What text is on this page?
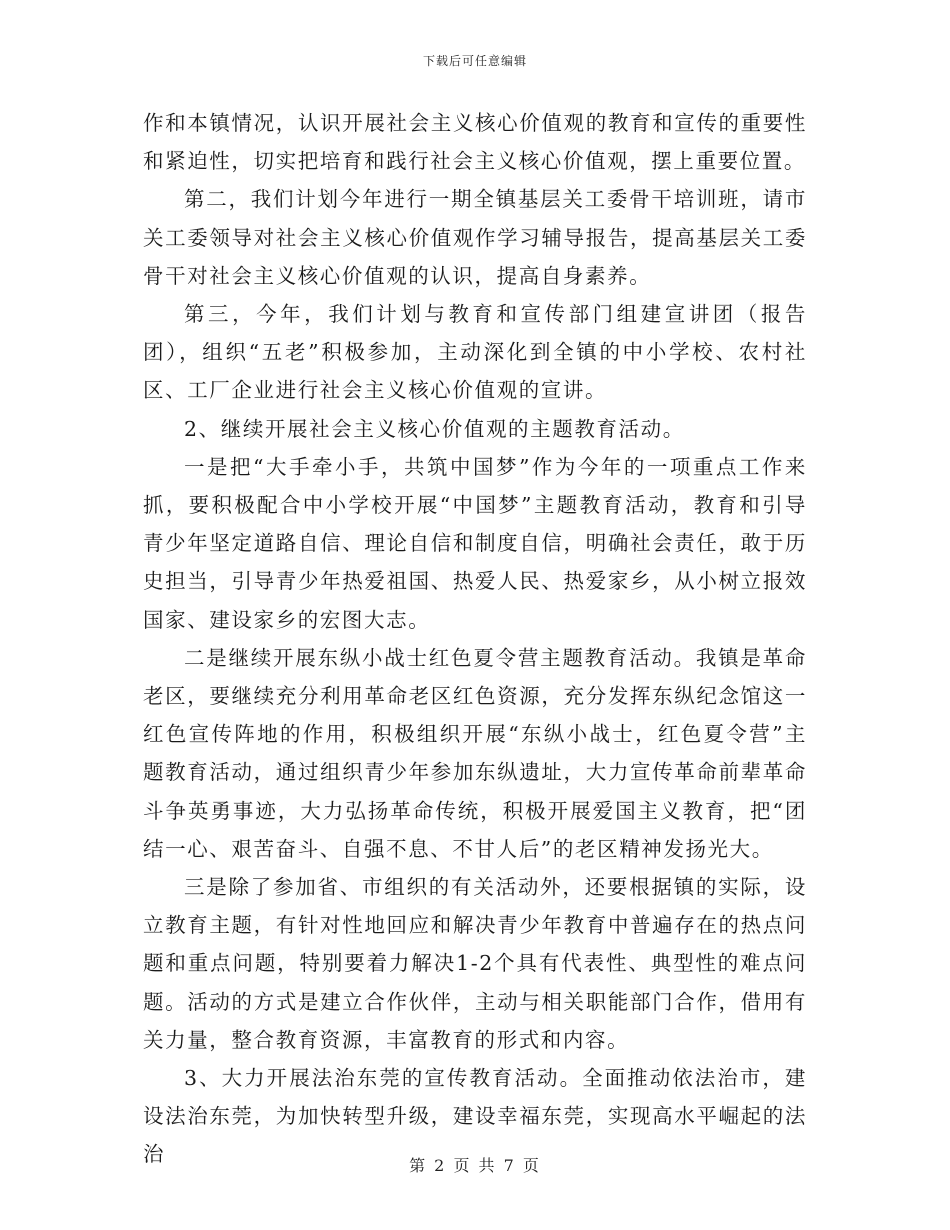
下载后可任意编辑

作和本镇情况，认识开展社会主义核心价值观的教育和宣传的重要性和紧迫性，切实把培育和践行社会主义核心价值观，摆上重要位置。

第二，我们计划今年进行一期全镇基层关工委骨干培训班，请市关工委领导对社会主义核心价值观作学习辅导报告，提高基层关工委骨干对社会主义核心价值观的认识，提高自身素养。

第三，今年，我们计划与教育和宣传部门组建宣讲团（报告团），组织“五老”积极参加，主动深化到全镇的中小学校、农村社区、工厂企业进行社会主义核心价值观的宣讲。

2、继续开展社会主义核心价值观的主题教育活动。

一是把“大手牵小手，共筑中国梦”作为今年的一项重点工作来抓，要积极配合中小学校开展“中国梦”主题教育活动，教育和引导青少年坚定道路自信、理论自信和制度自信，明确社会责任，敢于历史担当，引导青少年热爱祖国、热爱人民、热爱家乡，从小树立报效国家、建设家乡的宏图大志。

二是继续开展东纵小战士红色夏令营主题教育活动。我镇是革命老区，要继续充分利用革命老区红色资源，充分发挥东纵纪念馆这一红色宣传阵地的作用，积极组织开展“东纵小战士，红色夏令营”主题教育活动，通过组织青少年参加东纵遗址，大力宣传革命前辈革命斗争英勇事迹，大力弘扬革命传统，积极开展爱国主义教育，把“团结一心、艰苦奋斗、自强不息、不甘人后”的老区精神发扬光大。

三是除了参加省、市组织的有关活动外，还要根据镇的实际，设立教育主题，有针对性地回应和解决青少年教育中普遍存在的热点问题和重点问题，特别要着力解决1-2个具有代表性、典型性的难点问题。活动的方式是建立合作伙伴，主动与相关职能部门合作，借用有关力量，整合教育资源，丰富教育的形式和内容。

3、大力开展法治东莞的宣传教育活动。全面推动依法治市，建设法治东莞，为加快转型升级，建设幸福东莞，实现高水平崛起的法治	第 2 页 共 7 页
